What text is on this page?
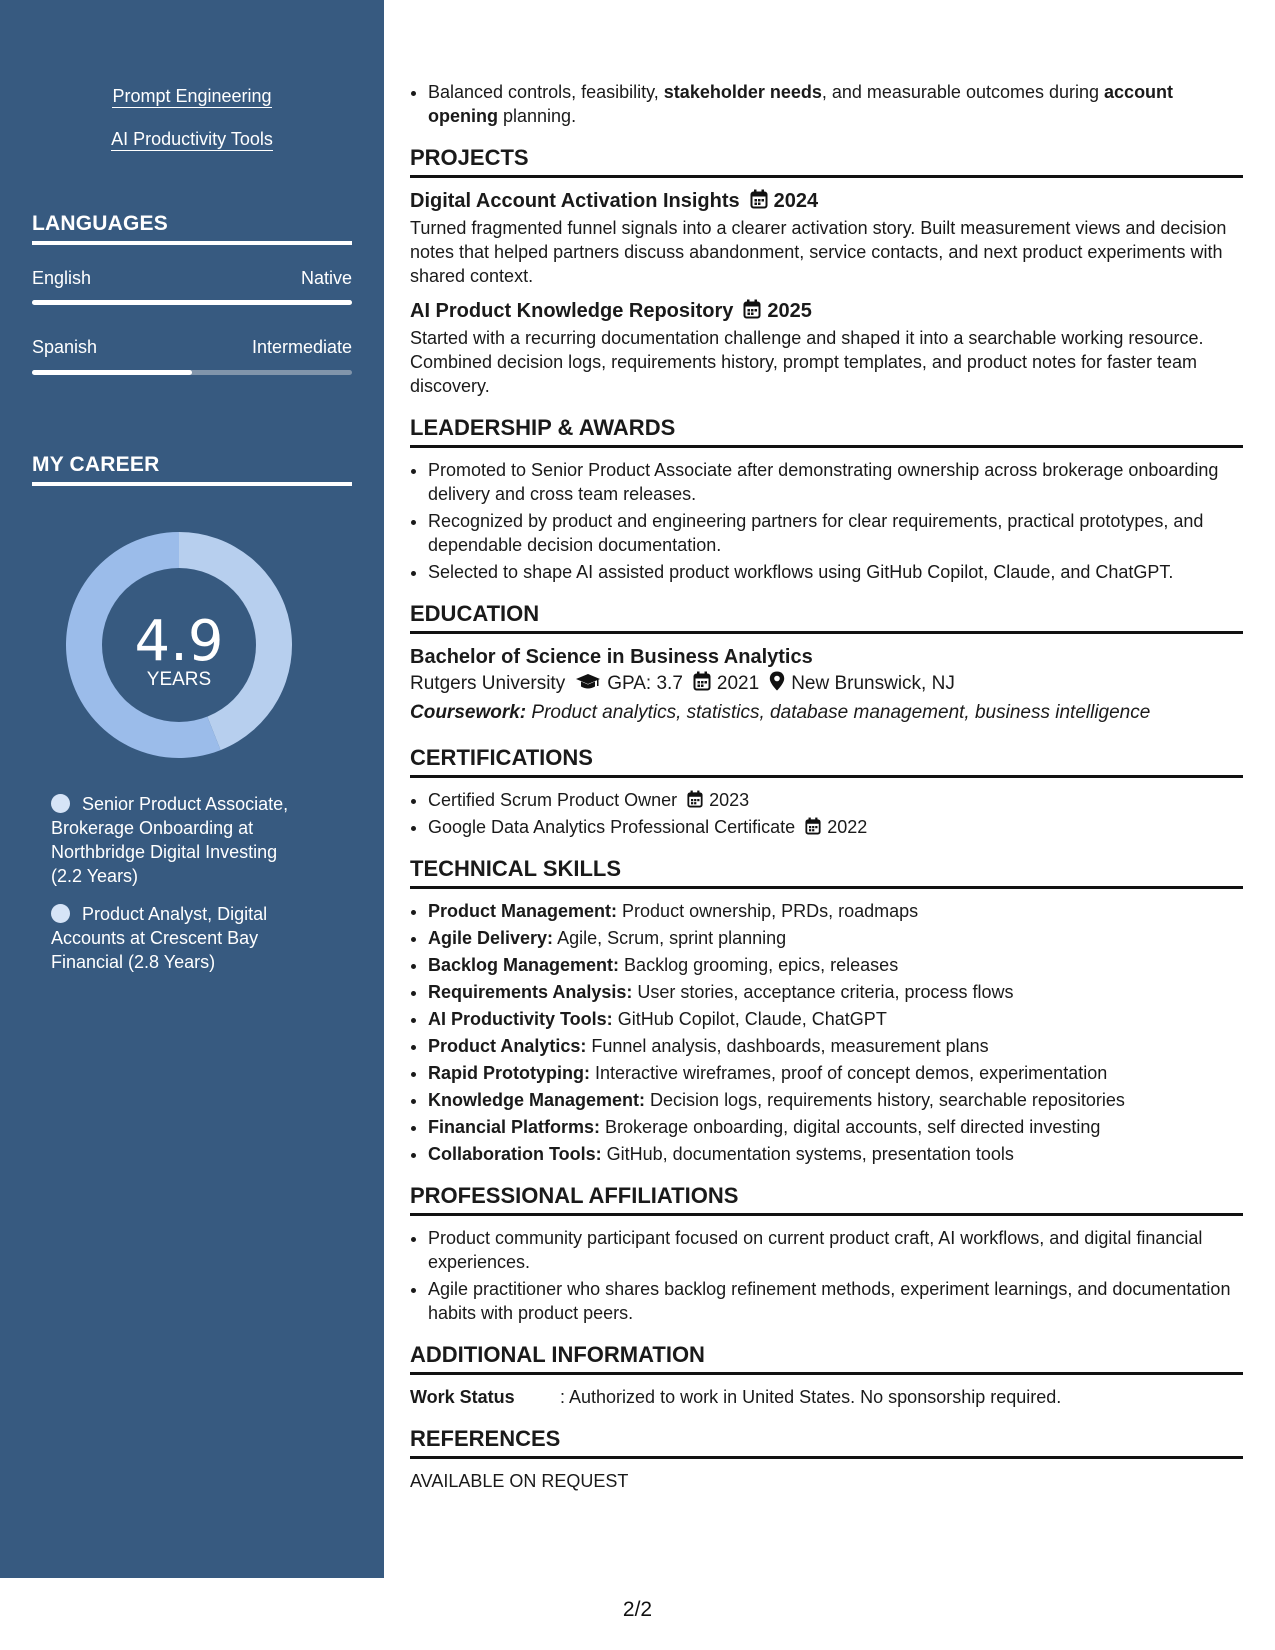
Prompt Engineering
AI Productivity Tools
LANGUAGES
English	Native
Spanish	Intermediate
MY CAREER
4.9
YEARS
Senior Product Associate, Brokerage Onboarding at Northbridge Digital Investing (2.2 Years)
Product Analyst, Digital Accounts at Crescent Bay Financial (2.8 Years)
• Balanced controls, feasibility, stakeholder needs, and measurable outcomes during account opening planning.
PROJECTS
Digital Account Activation Insights 2024
Turned fragmented funnel signals into a clearer activation story. Built measurement views and decision notes that helped partners discuss abandonment, service contacts, and next product experiments with shared context.
AI Product Knowledge Repository 2025
Started with a recurring documentation challenge and shaped it into a searchable working resource. Combined decision logs, requirements history, prompt templates, and product notes for faster team discovery.
LEADERSHIP & AWARDS
• Promoted to Senior Product Associate after demonstrating ownership across brokerage onboarding delivery and cross team releases.
• Recognized by product and engineering partners for clear requirements, practical prototypes, and dependable decision documentation.
• Selected to shape AI assisted product workflows using GitHub Copilot, Claude, and ChatGPT.
EDUCATION
Bachelor of Science in Business Analytics
Rutgers University GPA: 3.7 2021 New Brunswick, NJ
Coursework: Product analytics, statistics, database management, business intelligence
CERTIFICATIONS
• Certified Scrum Product Owner 2023
• Google Data Analytics Professional Certificate 2022
TECHNICAL SKILLS
• Product Management: Product ownership, PRDs, roadmaps
• Agile Delivery: Agile, Scrum, sprint planning
• Backlog Management: Backlog grooming, epics, releases
• Requirements Analysis: User stories, acceptance criteria, process flows
• AI Productivity Tools: GitHub Copilot, Claude, ChatGPT
• Product Analytics: Funnel analysis, dashboards, measurement plans
• Rapid Prototyping: Interactive wireframes, proof of concept demos, experimentation
• Knowledge Management: Decision logs, requirements history, searchable repositories
• Financial Platforms: Brokerage onboarding, digital accounts, self directed investing
• Collaboration Tools: GitHub, documentation systems, presentation tools
PROFESSIONAL AFFILIATIONS
• Product community participant focused on current product craft, AI workflows, and digital financial experiences.
• Agile practitioner who shares backlog refinement methods, experiment learnings, and documentation habits with product peers.
ADDITIONAL INFORMATION
Work Status	: Authorized to work in United States. No sponsorship required.
REFERENCES
AVAILABLE ON REQUEST
2/2
